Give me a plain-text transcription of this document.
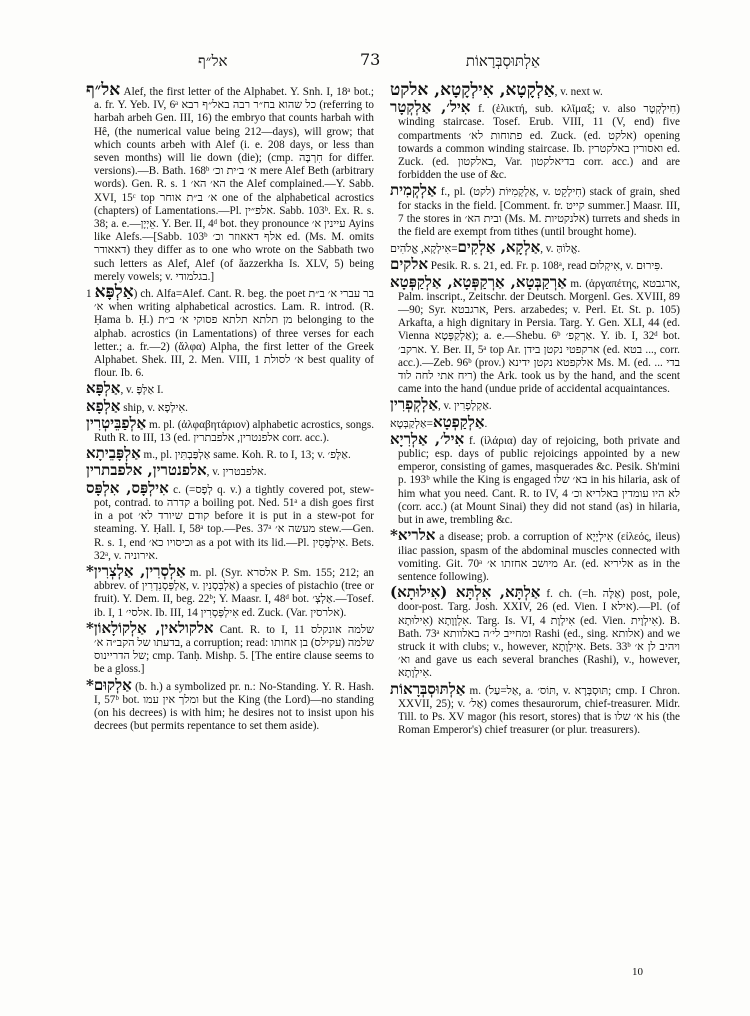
אל״ף	73	אַלְתּוּסְבְּרָאוֹת

אל״ף Alef, the first letter of the Alphabet. Y. Snh. I, 18ᵃ bot.; a. fr. Y. Yeb. IV, 6ᵃ כל שהוא בח״ר רבה באל״ף רבא (referring to harbah arbeh Gen. III, 16) the embryo that counts harbah with Hê, (the numerical value being 212—days), will grow; that which counts arbeh with Alef (i. e. 208 days, or less than seven months) will lie down (die); (cmp. חִרְבָּה for differ. versions).—B. Bath. 168ᵇ א׳ ב׳ית וכ׳ mere Alef Beth (arbitrary words). Gen. R. s. 1 הא׳ הא׳ the Alef complained.—Y. Sabb. XVI, 15ᶜ top א׳ ב״ת אוחר one of the alphabetical acrostics (chapters) of Lamentations.—Pl. אלפ״ין. Sabb. 103ᵇ. Ex. R. s. 38; a. e.—אֵיְיָן. Y. Ber. II, 4ᵈ bot. they pronounce עיינין א׳ Ayins like Alefs.—[Sabb. 103ᵇ אלף דאאוזר וכ׳ ed. (Ms. M. omits דאאודר) they differ as to one who wrote on the Sabbath two such letters as Alef, Alef (of ăazzerkha Is. XLV, 5) being merely vowels; v. בגלמודי.]

אַלְפָּא 1) ch. Alfa=Alef. Cant. R. beg. the poet בר עברי א׳ ב״ת א׳ when writing alphabetical acrostics. Lam. R. introd. (R. Ḥama b. Ḥ.) מן תלתא תלתא פסוקי א׳ ב״ת belonging to the alphab. acrostics (in Lamentations) of three verses for each letter.; a. fr.—2) (ἄλφα) Alpha, the first letter of the Greek Alphabet. Shek. III, 2. Men. VIII, 1 א׳ לסולת best quality of flour. Ib. 6.

אַלְפָּא, v. אַלְּפָּ I.

אַלְפָא ship, v. אִילְפָא.

אַלְפַבֵּיטְרִין m. pl. (ἀλφαβητάριον) alphabetic acrostics, songs. Ruth R. to III, 13 (ed. אלפנטרין, אלפבתרין corr. acc.).

אַלְפָּבֵיתָא m., pl. אַלְפַּבְתִּין same. Koh. R. to I, 13; v. אַלָּפ׳.

אלפנטרין, אלפבתרין, v. אלפבטרין.

אִילְפָּס, אִלְפָּס c. (=לְפָס q. v.) a tightly covered pot, stew-pot, contrad. to קדרה a boiling pot. Ned. 51ᵃ a dish goes first in a pot קודם שיורד לא׳ before it is put in a stew-pot for steaming. Y. Ḥall. I, 58ᵃ top.—Pes. 37ᵃ מעשה א׳ stew.—Gen. R. s. 1, end וכיסויו כא׳ as a pot with its lid.—Pl. אִילְפָּסִין. Bets. 32ᵃ, v. אירוניה.

*אַלְסְרִין, אַלְצְרִין m. pl. (Syr. אלסרא P. Sm. 155; 212; an abbrev. of אַלְפְּסְנִדְרִין, v. אַלְבְּסְנִין) a species of pistachio (tree or fruit). Y. Dem. II, beg. 22ᵇ; Y. Maasr. I, 48ᵈ bot. אַלְצְ׳.—Tosef. ib. I, 1 אלסי׳. Ib. III, 14 אִילְפְּסְרִין ed. Zuck. (Var. אלרסין).

*אלקולאין, אַלְקוֹלָאוֹן Cant. R. to I, 11 שלמה אונקלס בדעתו של הקב״ה א׳, a corruption; read: שלמה (עקילס) בן אחותו של הדריינוס; cmp. Tanḥ. Mishp. 5. [The entire clause seems to be a gloss.]

*אַלְקוּם (b. h.) a symbolized pr. n.: No-Standing. Y. R. Hash. I, 57ᵇ bot. ומלך אין עמו but the King (the Lord)—no standing (on his decrees) is with him; he desires not to insist upon his decrees (but permits repentance to set them aside).

אַלְקָטָא, אִילְקָטָא, אלקט, v. next w.

אִיל׳, אַלְקְטָר f. (ἑλικτή, sub. κλῖμαξ; v. also חִילְקְטָר) winding staircase. Tosef. Erub. VIII, 11 (V, end) five compartments פתוחות לא׳ ed. Zuck. (ed. אלקט) opening towards a common winding staircase. Ib. ואסורין באלקטרין ed. Zuck. (ed. באלקטון, Var. בדיאלקטון corr. acc.) and are forbidden the use of &c.

אַלְקְמִית f., pl. אַלְקְמִיּוֹת (לקט), v. חִילְקֵט) stack of grain, shed for stacks in the field. [Comment. fr. קייט summer.] Maasr. III, 7 the stores in ובית הא׳ (Ms. M. אלנקטיות) turrets and sheds in the field are exempt from tithes (until brought home).

אַלְקָא, אַלְקִים=אִילְקָא, אֱלֹהִים, v. אֱלוֹהַּ.

אלקים Pesik. R. s. 21, ed. Fr. p. 108ᵃ, read אִיקְלוּם, v. פִּירוּם.

אַרְקַבְּטָא, אַרְקַפְּטָא, אַלְקַפְּטָא m. (ἀργαπέτης, ארגבטא, Palm. inscript., Zeitschr. der Deutsch. Morgenl. Ges. XVIII, 89—90; Syr. ארגבטא, Pers. arzabedes; v. Perl. Et. St. p. 105) Arkafta, a high dignitary in Persia. Targ. Y. Gen. XLI, 44 (ed. Vienna אַלְקַפְּטָא); a. e.—Shebu. 6ᵇ אַרְקַפ׳. Y. ib. I, 32ᵈ bot. ארקב׳. Y. Ber. II, 5ᵃ top Ar. ארקפטי נקטן בידן (ed. בטא ..., corr. acc.).—Zeb. 96ᵇ (prov.) אלקפטא נקטן ידינא Ms. M. (ed. ... בדי ריח אתי לחה לוד) the Ark. took us by the hand, and the scent came into the hand (undue pride of accidental acquaintances.

אַלְקְפְרִין, v. אַקְלְפָרִין.

אַלְקַפְטָא=אַלְקַבְּטָא.

אִיל׳, אַלְרִיָא f. (ἱλάρια) day of rejoicing, both private and public; esp. days of public rejoicings appointed by a new emperor, consisting of games, masquerades &c. Pesik. Sh'mini p. 193ᵇ while the King is engaged בא׳ שלו in his hilaria, ask of him what you need. Cant. R. to IV, 4 לא היו עומדין באלריא וכ׳ (corr. acc.) (at Mount Sinai) they did not stand (as) in hilaria, but in awe, trembling &c.

*אלריא a disease; prob. a corruption of אִילְיָיָא (εἰλεός, ileus) iliac passion, spasm of the abdominal muscles connected with vomiting. Git. 70ᵃ מיושב אחזתו א׳ Ar. (ed. אליריא as in the sentence following).

אַלְתָּא, אִלְתָּא (אִילוּתָא) f. ch. (=h. אַלָּה) post, pole, door-post. Targ. Josh. XXIV, 26 (ed. Vien. I אילא).—Pl. (of אִילוּתָא) אִלְוָוָתָא. Targ. Is. VI, 4 אִילְוָת (ed. Vien. אִילְוָית). B. Bath. 73ᵃ ומחייב לי׳ה באלוותא Rashi (ed., sing. אלותא) and we struck it with clubs; v., however, אִילְוָתָא. Bets. 33ᵇ ויהיב לן א׳ וא׳ and gave us each several branches (Rashi), v., however, אִילְוָתָא.

אַלְתּוּסְבְּרָאוֹת m. (אַל=עַל, a. תּוֹס׳, v. תּוּסְבְּרָא; cmp. I Chron. XXVII, 25); v. אַל׳) comes thesaurorum, chief-treasurer. Midr. Till. to Ps. XV magor (his resort, stores) that is א׳ שלו his (the Roman Emperor's) chief treasurer (or plur. treasurers).

10
